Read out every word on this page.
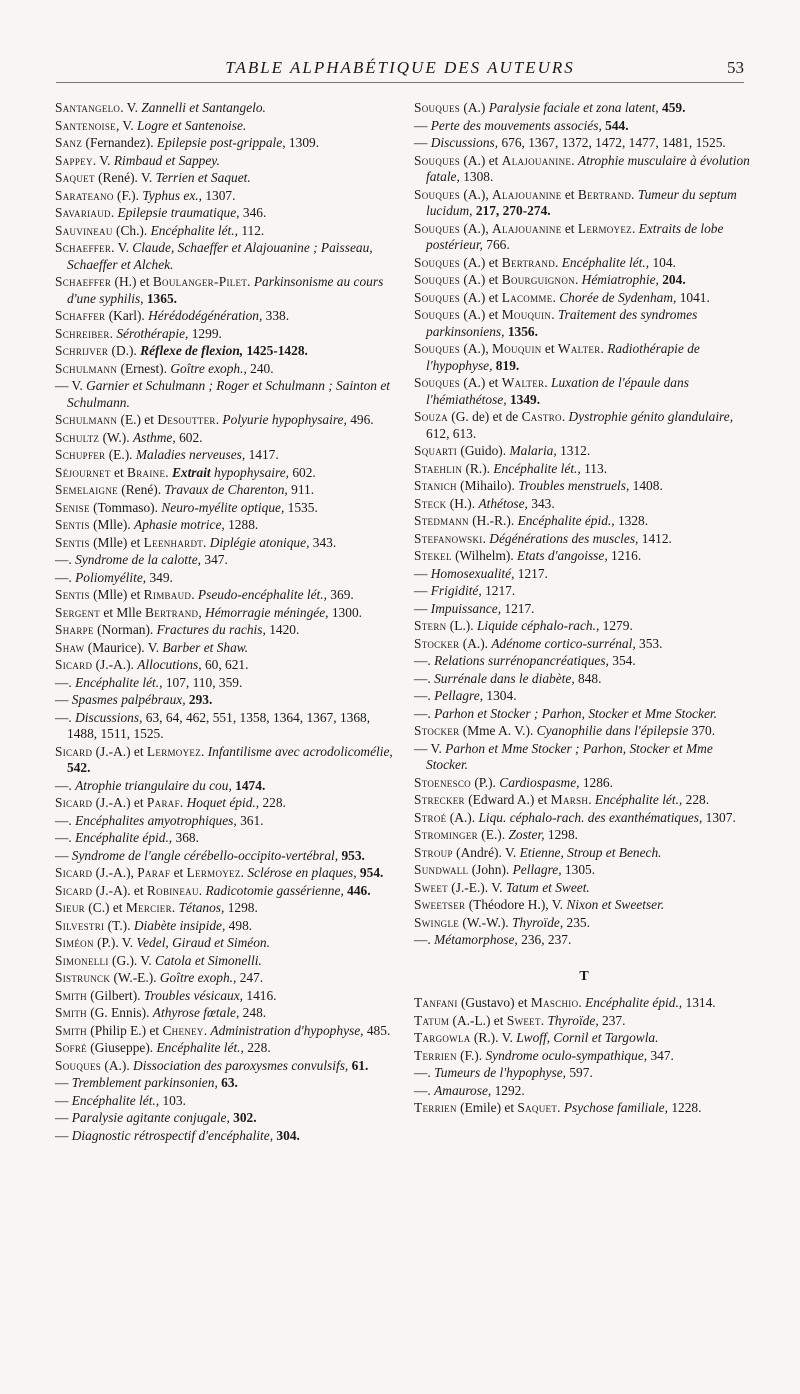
TABLE ALPHABÉTIQUE DES AUTEURS	53
Santangelo. V. Zannelli et Santangelo.
Santenoise, V. Logre et Santenoise.
Sanz (Fernandez). Epilepsie post-grippale, 1309.
Sappey. V. Rimbaud et Sappey.
Saquet (René). V. Terrien et Saquet.
Sarateano (F.). Typhus ex., 1307.
Savariaud. Epilepsie traumatique, 346.
Sauvineau (Ch.). Encéphalite lét., 112.
Schaeffer. V. Claude, Schaeffer et Alajouanine ; Paisseau, Schaeffer et Alchek.
Schaeffer (H.) et Boulanger-Pilet. Parkinsonisme au cours d'une syphilis, 1365.
Schaffer (Karl). Hérédodégénération, 338.
Schreiber. Sérothérapie, 1299.
Schrijver (D.). Réflexe de flexion, 1425-1428.
Schulmann (Ernest). Goître exoph., 240.
— V. Garnier et Schulmann ; Roger et Schulmann ; Sainton et Schulmann.
Schulmann (E.) et Desoutter. Polyurie hypophysaire, 496.
Schultz (W.). Asthme, 602.
Schupfer (E.). Maladies nerveuses, 1417.
Séjournet et Braine. Extrait hypophysaire, 602.
Semelaigne (René). Travaux de Charenton, 911.
Senise (Tommaso). Neuro-myélite optique, 1535.
Sentis (Mlle). Aphasie motrice, 1288.
Sentis (Mlle) et Leenhardt. Diplégie atonique, 343.
—. Syndrome de la calotte, 347.
—. Poliomyélite, 349.
Sentis (Mlle) et Rimbaud. Pseudo-encéphalite lét., 369.
Sergent et Mlle Bertrand, Hémorragie méningée, 1300.
Sharpe (Norman). Fractures du rachis, 1420.
Shaw (Maurice). V. Barber et Shaw.
Sicard (J.-A.). Allocutions, 60, 621.
—. Encéphalite lét., 107, 110, 359.
— Spasmes palpébraux, 293.
—. Discussions, 63, 64, 462, 551, 1358, 1364, 1367, 1368, 1488, 1511, 1525.
Sicard (J.-A.) et Lermoyez. Infantilisme avec acrodolicomélie, 542.
—. Atrophie triangulaire du cou, 1474.
Sicard (J.-A.) et Paraf. Hoquet épid., 228.
—. Encéphalites amyotrophiques, 361.
—. Encéphalite épid., 368.
— Syndrome de l'angle cérébello-occipito-vertébral, 953.
Sicard (J.-A.), Paraf et Lermoyez. Sclérose en plaques, 954.
Sicard (J.-A). et Robineau. Radicotomie gassérienne, 446.
Sieur (C.) et Mercier. Tétanos, 1298.
Silvestri (T.). Diabète insipide, 498.
Siméon (P.). V. Vedel, Giraud et Siméon.
Simonelli (G.). V. Catola et Simonelli.
Sistrunck (W.-E.). Goître exoph., 247.
Smith (Gilbert). Troubles vésicaux, 1416.
Smith (G. Ennis). Athyrose fœtale, 248.
Smith (Philip E.) et Cheney. Administration d'hypophyse, 485.
Sofré (Giuseppe). Encéphalite lét., 228.
Souques (A.). Dissociation des paroxysmes convulsifs, 61.
— Tremblement parkinsonien, 63.
— Encéphalite lét., 103.
— Paralysie agitante conjugale, 302.
— Diagnostic rétrospectif d'encéphalite, 304.
Souques (A.) Paralysie faciale et zona latent, 459.
— Perte des mouvements associés, 544.
— Discussions, 676, 1367, 1372, 1472, 1477, 1481, 1525.
Souques (A.) et Alajouanine. Atrophie musculaire à évolution fatale, 1308.
Souques (A.), Alajouanine et Bertrand. Tumeur du septum lucidum, 217, 270-274.
Souques (A.), Alajouanine et Lermoyez. Extraits de lobe postérieur, 766.
Souques (A.) et Bertrand. Encéphalite lét., 104.
Souques (A.) et Bourguignon. Hémiatrophie, 204.
Souques (A.) et Lacomme. Chorée de Sydenham, 1041.
Souques (A.) et Mouquin. Traitement des syndromes parkinsoniens, 1356.
Souques (A.), Mouquin et Walter. Radiothérapie de l'hypophyse, 819.
Souques (A.) et Walter. Luxation de l'épaule dans l'hémiathétose, 1349.
Souza (G. de) et de Castro. Dystrophie génito glandulaire, 612, 613.
Squarti (Guido). Malaria, 1312.
Staehlin (R.). Encéphalite lét., 113.
Stanich (Mihailo). Troubles menstruels, 1408.
Steck (H.). Athétose, 343.
Stedmann (H.-R.). Encéphalite épid., 1328.
Stefanowski. Dégénérations des muscles, 1412.
Stekel (Wilhelm). Etats d'angoisse, 1216.
— Homosexualité, 1217.
— Frigidité, 1217.
— Impuissance, 1217.
Stern (L.). Liquide céphalo-rach., 1279.
Stocker (A.). Adénome cortico-surrénal, 353.
—. Relations surrénopancréatiques, 354.
—. Surrénale dans le diabète, 848.
—. Pellagre, 1304.
—. Parhon et Stocker ; Parhon, Stocker et Mme Stocker.
Stocker (Mme A. V.). Cyanophilie dans l'épilepsie 370.
— V. Parhon et Mme Stocker ; Parhon, Stocker et Mme Stocker.
Stoenesco (P.). Cardiospasme, 1286.
Strecker (Edward A.) et Marsh. Encéphalite lét., 228.
Stroé (A.). Liqu. céphalo-rach. des exanthématiques, 1307.
Strominger (E.). Zoster, 1298.
Stroup (André). V. Etienne, Stroup et Benech.
Sundwall (John). Pellagre, 1305.
Sweet (J.-E.). V. Tatum et Sweet.
Sweetser (Théodore H.), V. Nixon et Sweetser.
Swingle (W.-W.). Thyroïde, 235.
—. Métamorphose, 236, 237.
T
Tanfani (Gustavo) et Maschio. Encéphalite épid., 1314.
Tatum (A.-L.) et Sweet. Thyroïde, 237.
Targowla (R.). V. Lwoff, Cornil et Targowla.
Terrien (F.). Syndrome oculo-sympathique, 347.
—. Tumeurs de l'hypophyse, 597.
—. Amaurose, 1292.
Terrien (Emile) et Saquet. Psychose familiale, 1228.
